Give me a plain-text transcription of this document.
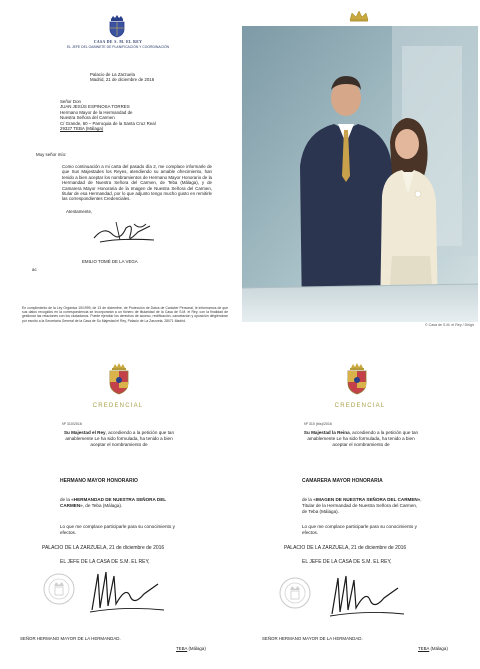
CASA DE S. M. EL REY
EL JEFE DEL GABINETE DE PLANIFICACIÓN Y COORDINACIÓN
Palacio de La Zarzuela
Madrid, 21 de diciembre de 2016
Señor Don
JUAN JESÚS ESPINOSA TORRES
Hermano Mayor de la Hermandad de
Nuestra Señora del Carmen
C/ Grande, 60 – Parroquia de la Santa Cruz Real
29327 TEBA (Málaga)
Muy señor mío:
Como continuación a mi carta del pasado día 2, me complace informarle de que Sus Majestades los Reyes, atendiendo su amable ofrecimiento, han tenido a bien aceptar los nombramientos de Hermano Mayor Honorario de la Hermandad de Nuestra Señora del Carmen, de Teba (Málaga), y de Camarera Mayor Honoraria de la Imagen de Nuestra Señora del Carmen, titular de esa Hermandad, por lo que adjunto tengo mucho gusto en remitirle las correspondientes Credenciales.
Atentamente,
EMILIO TOMÉ DE LA VEGA
ac
En cumplimiento de la Ley Orgánica 15/1999, de 13 de diciembre, de Protección de Datos de Carácter Personal, le informamos de que sus datos recogidos en la correspondencia se incorporarán a un fichero de titularidad de la Casa de S.M. el Rey, con la finalidad de gestionar las relaciones con los ciudadanos. Puede ejercitar los derechos de acceso, rectificación, cancelación y oposición dirigiéndose por escrito a la Secretaría General de la Casa de Su Majestad el Rey, Palacio de La Zarzuela, 28071 Madrid.
© Casa de S.M. el Rey / Dirigir
CREDENCIAL
Nº 310/2016
Su Majestad el Rey, accediendo a la petición que tan amablemente Le ha sido formulada, ha tenido a bien aceptar el nombramiento de
HERMANO MAYOR HONORARIO
de la «HERMANDAD DE NUESTRA SEÑORA DEL CARMEN», de Teba (Málaga).
Lo que me complace participarle para su conocimiento y efectos.
PALACIO DE LA ZARZUELA, 21 de diciembre de 2016
EL JEFE DE LA CASA DE S.M. EL REY,
SEÑOR HERMANO MAYOR DE LA HERMANDAD.
TEBA (Málaga)
CREDENCIAL
Nº 310 (bis)/2016
Su Majestad la Reina, accediendo a la petición que tan amablemente Le ha sido formulada, ha tenido a bien aceptar el nombramiento de
CAMARERA MAYOR HONORARIA
de la «IMAGEN DE NUESTRA SEÑORA DEL CARMEN», Titular de la Hermandad de Nuestra Señora del Carmen, de Teba (Málaga).
Lo que me complace participarle para su conocimiento y efectos.
PALACIO DE LA ZARZUELA, 21 de diciembre de 2016
EL JEFE DE LA CASA DE S.M. EL REY,
SEÑOR HERMANO MAYOR DE LA HERMANDAD.
TEBA (Málaga)
